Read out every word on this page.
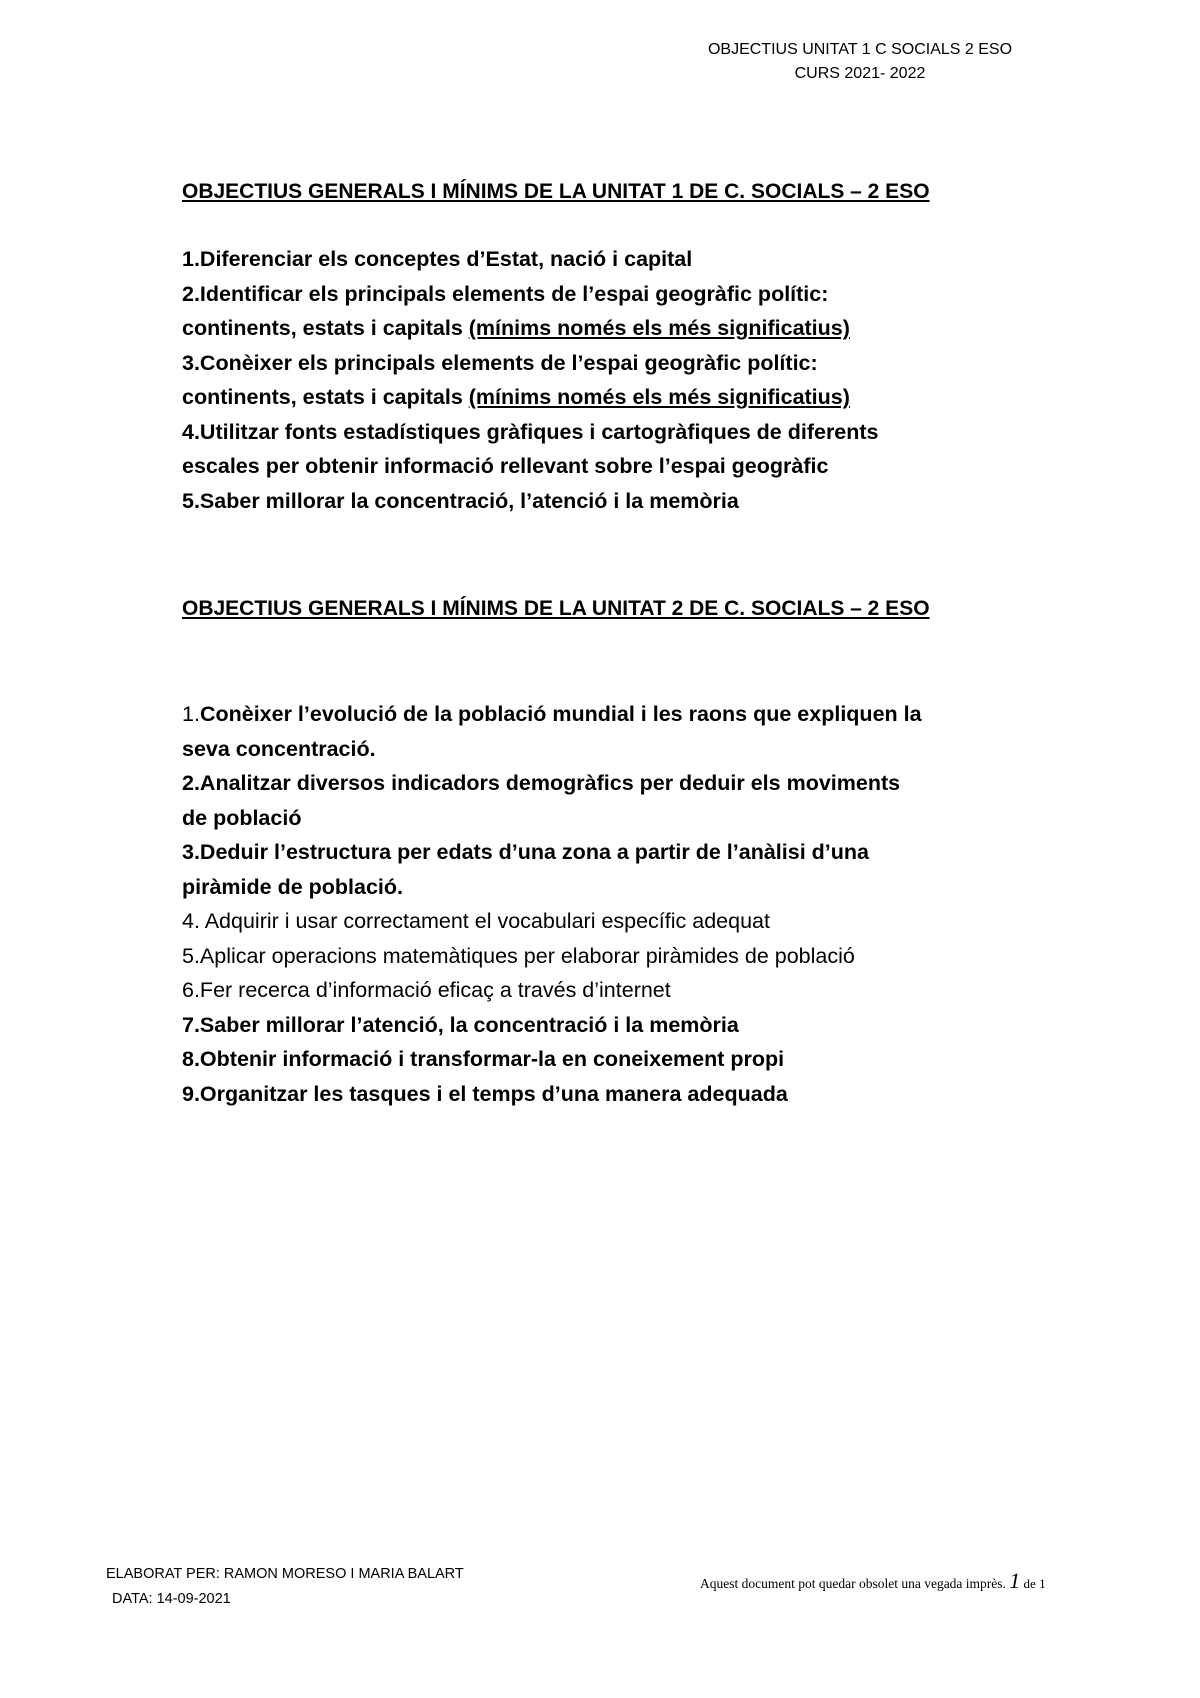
OBJECTIUS UNITAT 1 C SOCIALS 2 ESO
CURS 2021- 2022
OBJECTIUS GENERALS I MÍNIMS DE LA UNITAT 1 DE C. SOCIALS – 2 ESO

1.Diferenciar els conceptes d’Estat, nació i capital

2.Identificar els principals elements de l’espai geogràfic polític:

continents, estats i capitals (mínims només els més significatius)

3.Conèixer els principals elements de l’espai geogràfic polític:

continents, estats i capitals (mínims només els més significatius)

4.Utilitzar fonts estadístiques gràfiques i cartogràfiques de diferents

escales per obtenir informació rellevant sobre l’espai geogràfic

5.Saber millorar la concentració, l’atenció i la memòria

OBJECTIUS GENERALS I MÍNIMS DE LA UNITAT 2 DE C. SOCIALS – 2 ESO

1.Conèixer l’evolució de la població mundial i les raons que expliquen la

seva concentració.

2.Analitzar diversos indicadors demogràfics per deduir els moviments

de població

3.Deduir l’estructura per edats d’una zona a partir de l’anàlisi d’una

piràmide de població.

4. Adquirir i usar correctament el vocabulari específic adequat

5.Aplicar operacions matemàtiques per elaborar piràmides de població

6.Fer recerca d’informació eficaç a través d’internet

7.Saber millorar l’atenció, la concentració i la memòria

8.Obtenir informació i transformar-la en coneixement propi

9.Organitzar les tasques i el temps d’una manera adequada

ELABORAT PER: RAMON MORESO I MARIA BALART
DATA: 14-09-2021
Aquest document pot quedar obsolet una vegada imprès. 1 de 1
